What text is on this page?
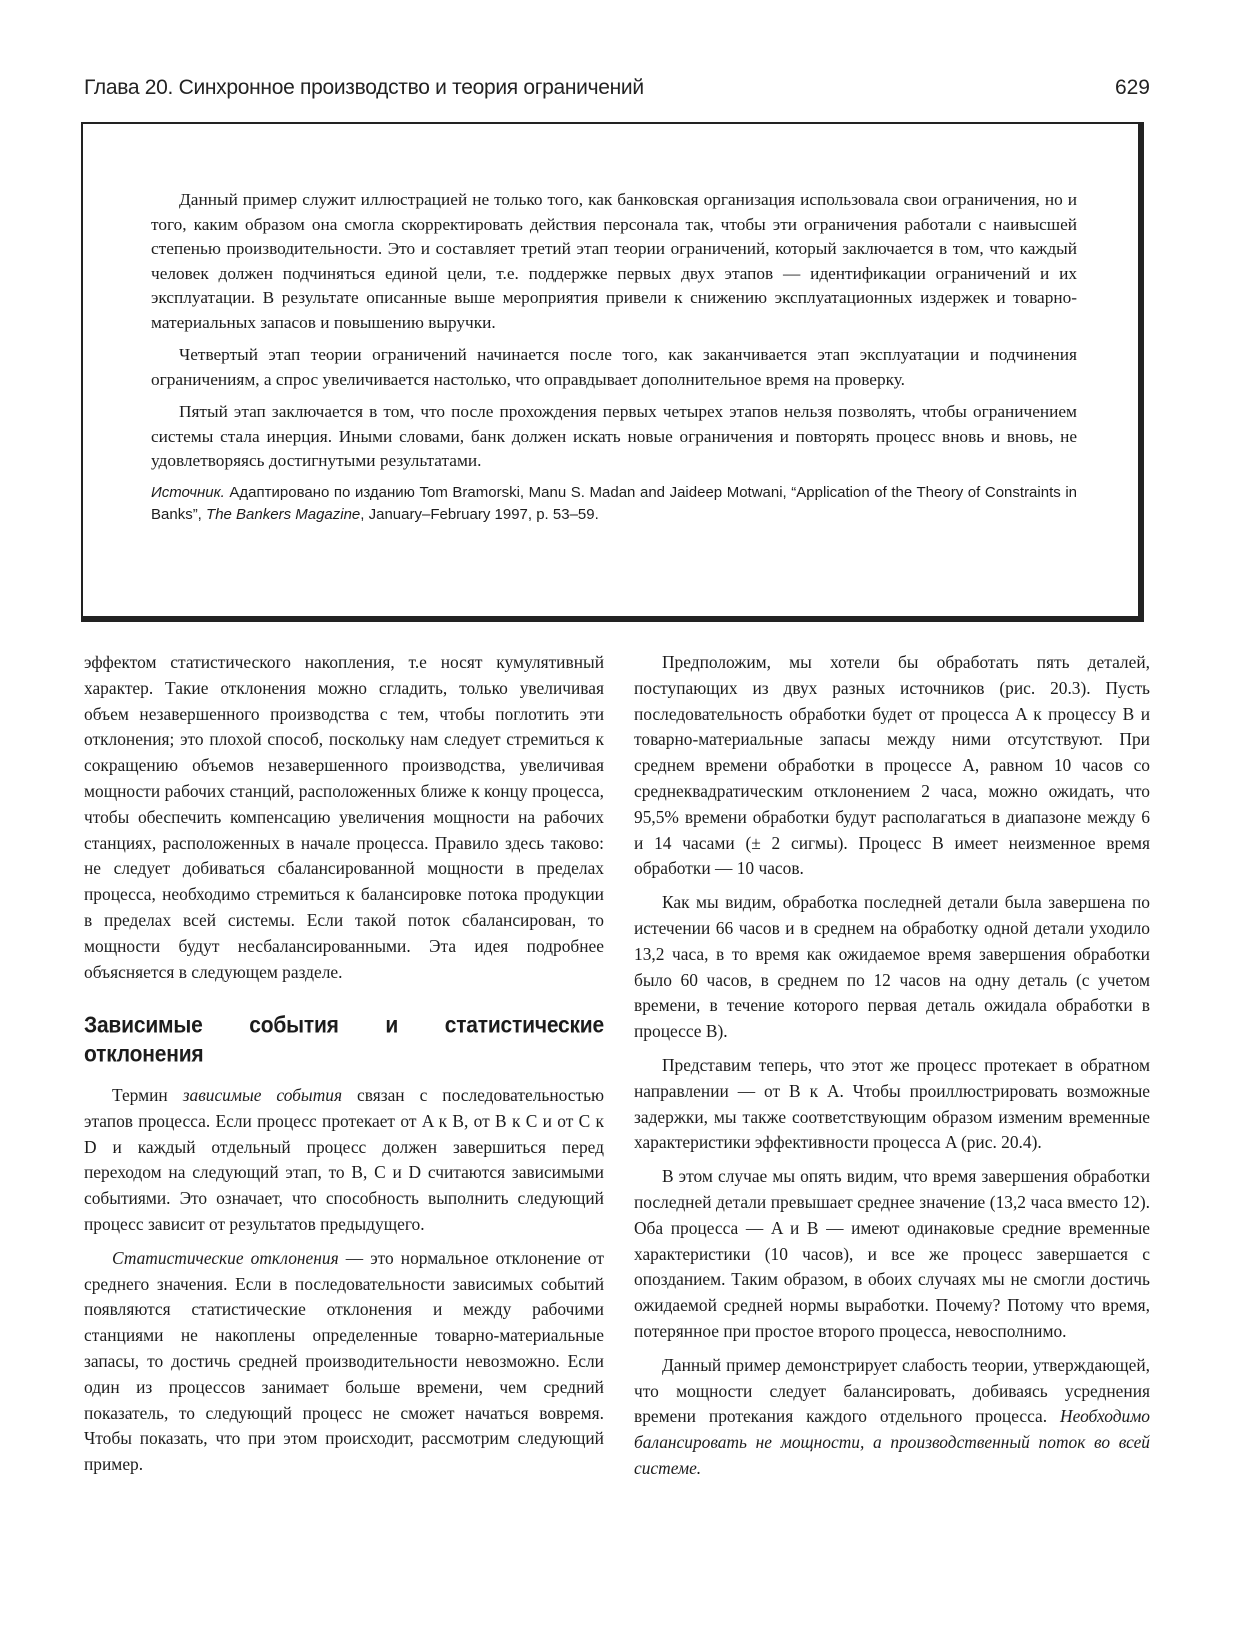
Глава 20. Синхронное производство и теория ограничений	629

Данный пример служит иллюстрацией не только того, как банковская организация использовала свои ограничения, но и того, каким образом она смогла скорректировать действия персонала так, чтобы эти ограничения работали с наивысшей степенью производительности. Это и составляет третий этап теории ограничений, который заключается в том, что каждый человек должен подчиняться единой цели, т.е. поддержке первых двух этапов — идентификации ограничений и их эксплуатации. В результате описанные выше мероприятия привели к снижению эксплуатационных издержек и товарно-материальных запасов и повышению выручки.

Четвертый этап теории ограничений начинается после того, как заканчивается этап эксплуатации и подчинения ограничениям, а спрос увеличивается настолько, что оправдывает дополнительное время на проверку.

Пятый этап заключается в том, что после прохождения первых четырех этапов нельзя позволять, чтобы ограничением системы стала инерция. Иными словами, банк должен искать новые ограничения и повторять процесс вновь и вновь, не удовлетворяясь достигнутыми результатами.

Источник. Адаптировано по изданию Tom Bramorski, Manu S. Madan and Jaideep Motwani, “Application of the Theory of Constraints in Banks”, The Bankers Magazine, January–February 1997, p. 53–59.

эффектом статистического накопления, т.е носят кумулятивный характер. Такие отклонения можно сгладить, только увеличивая объем незавершенного производства с тем, чтобы поглотить эти отклонения; это плохой способ, поскольку нам следует стремиться к сокращению объемов незавершенного производства, увеличивая мощности рабочих станций, расположенных ближе к концу процесса, чтобы обеспечить компенсацию увеличения мощности на рабочих станциях, расположенных в начале процесса. Правило здесь таково: не следует добиваться сбалансированной мощности в пределах процесса, необходимо стремиться к балансировке потока продукции в пределах всей системы. Если такой поток сбалансирован, то мощности будут несбалансированными. Эта идея подробнее объясняется в следующем разделе.

Зависимые события и статистические отклонения

Термин зависимые события связан с последовательностью этапов процесса. Если процесс протекает от A к B, от B к C и от C к D и каждый отдельный процесс должен завершиться перед переходом на следующий этап, то B, C и D считаются зависимыми событиями. Это означает, что способность выполнить следующий процесс зависит от результатов предыдущего.

Статистические отклонения — это нормальное отклонение от среднего значения. Если в последовательности зависимых событий появляются статистические отклонения и между рабочими станциями не накоплены определенные товарно-материальные запасы, то достичь средней производительности невозможно. Если один из процессов занимает больше времени, чем средний показатель, то следующий процесс не сможет начаться вовремя. Чтобы показать, что при этом происходит, рассмотрим следующий пример.

Предположим, мы хотели бы обработать пять деталей, поступающих из двух разных источников (рис. 20.3). Пусть последовательность обработки будет от процесса A к процессу B и товарно-материальные запасы между ними отсутствуют. При среднем времени обработки в процессе A, равном 10 часов со среднеквадратическим отклонением 2 часа, можно ожидать, что 95,5% времени обработки будут располагаться в диапазоне между 6 и 14 часами (± 2 сигмы). Процесс B имеет неизменное время обработки — 10 часов.

Как мы видим, обработка последней детали была завершена по истечении 66 часов и в среднем на обработку одной детали уходило 13,2 часа, в то время как ожидаемое время завершения обработки было 60 часов, в среднем по 12 часов на одну деталь (с учетом времени, в течение которого первая деталь ожидала обработки в процессе B).

Представим теперь, что этот же процесс протекает в обратном направлении — от B к A. Чтобы проиллюстрировать возможные задержки, мы также соответствующим образом изменим временные характеристики эффективности процесса A (рис. 20.4).

В этом случае мы опять видим, что время завершения обработки последней детали превышает среднее значение (13,2 часа вместо 12). Оба процесса — A и B — имеют одинаковые средние временные характеристики (10 часов), и все же процесс завершается с опозданием. Таким образом, в обоих случаях мы не смогли достичь ожидаемой средней нормы выработки. Почему? Потому что время, потерянное при простое второго процесса, невосполнимо.

Данный пример демонстрирует слабость теории, утверждающей, что мощности следует балансировать, добиваясь усреднения времени протекания каждого отдельного процесса. Необходимо балансировать не мощности, а производственный поток во всей системе.
